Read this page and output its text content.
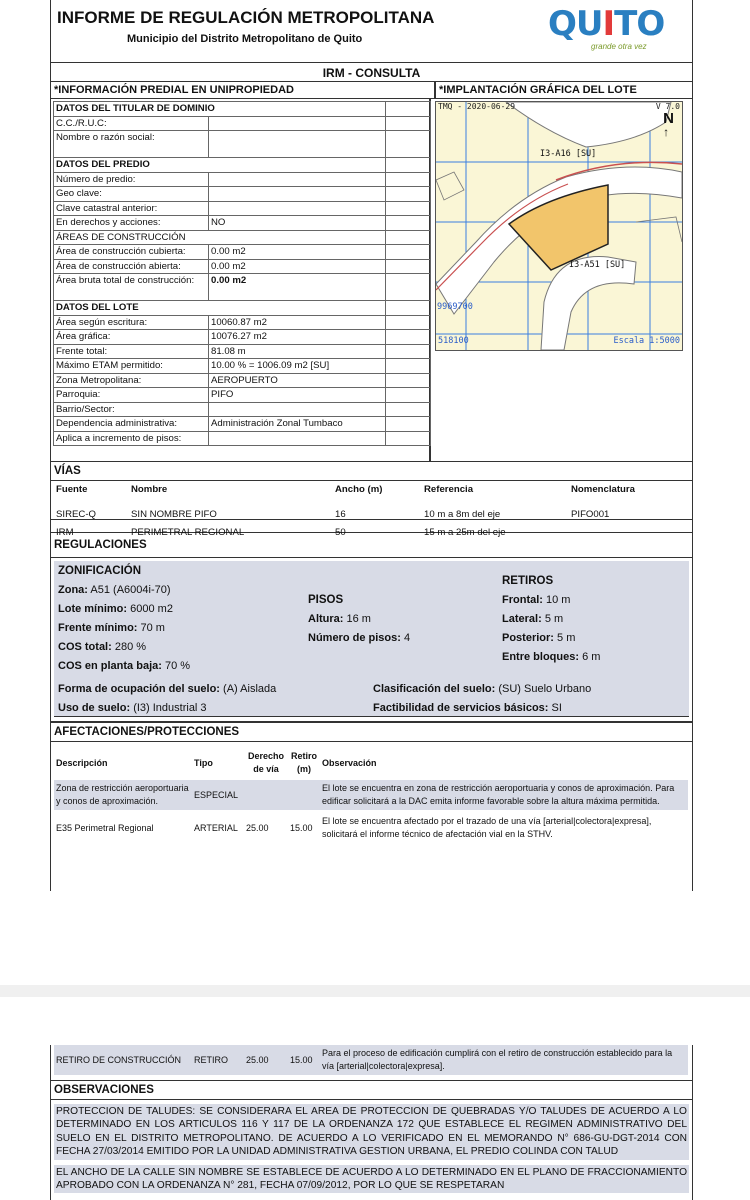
INFORME DE REGULACIÓN METROPOLITANA
Municipio del Distrito Metropolitano de Quito	QUITO
grande otra vez
IRM - CONSULTA
*INFORMACIÓN PREDIAL EN UNIPROPIEDAD	*IMPLANTACIÓN GRÁFICA DEL LOTE
DATOS DEL TITULAR DE DOMINIO		
C.C./R.U.C:		
Nombre o razón social:		
DATOS DEL PREDIO		
Número de predio:		
Geo clave:		
Clave catastral anterior:		
En derechos y acciones:	NO	
ÁREAS DE CONSTRUCCIÓN		
Área de construcción cubierta:	0.00 m2	
Área de construcción abierta:	0.00 m2	
Área bruta total de construcción:	0.00 m2	
DATOS DEL LOTE		
Área según escritura:	10060.87 m2	
Área gráfica:	10076.27 m2	
Frente total:	81.08 m	
Máximo ETAM permitido:	10.00 % = 1006.09 m2 [SU]	
Zona Metropolitana:	AEROPUERTO	
Parroquia:	PIFO	
Barrio/Sector:		
Dependencia administrativa:	Administración Zonal Tumbaco	
Aplica a incremento de pisos:		
TMQ - 2020-06-29	V 7.0
N
↑
I3-A16 [SU]
I3-A51 [SU]
9969700
518100	Escala 1:5000
VÍAS
Fuente	Nombre	Ancho (m)	Referencia	Nomenclatura
SIREC-Q	SIN NOMBRE PIFO	16	10 m a 8m del eje	PIFO001
IRM	PERIMETRAL REGIONAL	50	15 m a 25m del eje
REGULACIONES
ZONIFICACIÓN
Zona: A51 (A6004i-70)
Lote mínimo: 6000 m2
Frente mínimo: 70 m
COS total: 280 %
COS en planta baja: 70 %
PISOS
Altura: 16 m
Número de pisos: 4
RETIROS
Frontal: 10 m
Lateral: 5 m
Posterior: 5 m
Entre bloques: 6 m
Forma de ocupación del suelo: (A) Aislada
Uso de suelo: (I3) Industrial 3
Clasificación del suelo: (SU) Suelo Urbano
Factibilidad de servicios básicos: SI
AFECTACIONES/PROTECCIONES
Descripción	Tipo	Derecho de vía	Retiro (m)	Observación
Zona de restricción aeroportuaria y conos de aproximación.	ESPECIAL			El lote se encuentra en zona de restricción aeroportuaria y conos de aproximación. Para edificar solicitará a la DAC emita informe favorable sobre la altura máxima permitida.
E35 Perimetral Regional	ARTERIAL	25.00	15.00	El lote se encuentra afectado por el trazado de una vía [arterial|colectora|expresa], solicitará el informe técnico de afectación vial en la STHV.
RETIRO DE CONSTRUCCIÓN	RETIRO	25.00	15.00	Para el proceso de edificación cumplirá con el retiro de construcción establecido para la vía [arterial|colectora|expresa].
OBSERVACIONES
PROTECCION DE TALUDES: SE CONSIDERARA EL AREA DE PROTECCION DE QUEBRADAS Y/O TALUDES DE ACUERDO A LO DETERMINADO EN LOS ARTICULOS 116 Y 117 DE LA ORDENANZA 172 QUE ESTABLECE EL REGIMEN ADMINISTRATIVO DEL SUELO EN EL DISTRITO METROPOLITANO. DE ACUERDO A LO VERIFICADO EN EL MEMORANDO N° 686-GU-DGT-2014 CON FECHA 27/03/2014 EMITIDO POR LA UNIDAD ADMINISTRATIVA GESTION URBANA, EL PREDIO COLINDA CON TALUD
EL ANCHO DE LA CALLE SIN NOMBRE SE ESTABLECE DE ACUERDO A LO DETERMINADO EN EL PLANO DE FRACCIONAMIENTO APROBADO CON LA ORDENANZA N° 281, FECHA 07/09/2012, POR LO QUE SE RESPETARAN
